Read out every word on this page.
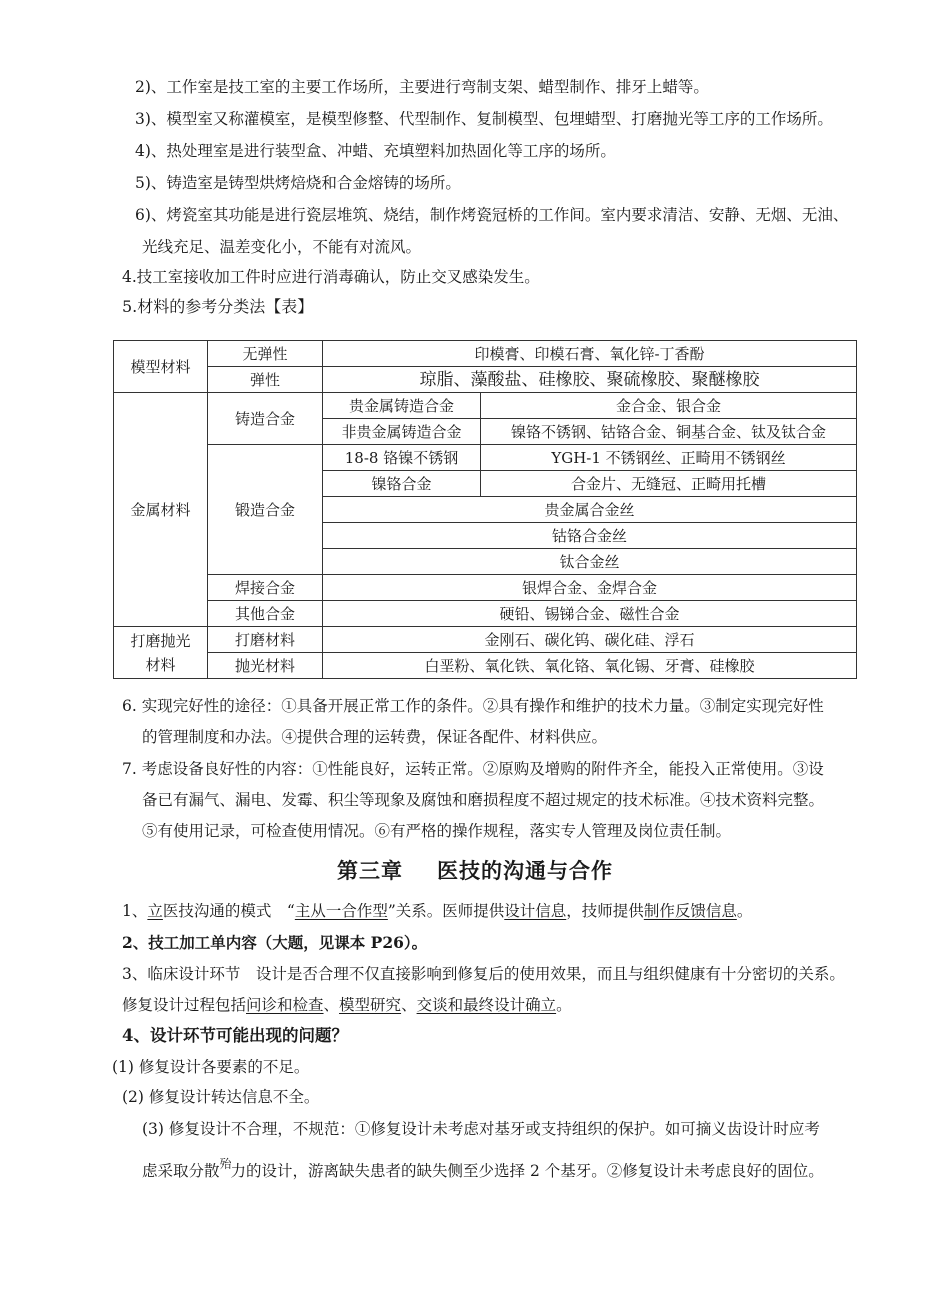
2)、工作室是技工室的主要工作场所，主要进行弯制支架、蜡型制作、排牙上蜡等。
3)、模型室又称灌模室，是模型修整、代型制作、复制模型、包埋蜡型、打磨抛光等工序的工作场所。
4)、热处理室是进行装型盒、冲蜡、充填塑料加热固化等工序的场所。
5)、铸造室是铸型烘烤焙烧和合金熔铸的场所。
6)、烤瓷室其功能是进行瓷层堆筑、烧结，制作烤瓷冠桥的工作间。室内要求清洁、安静、无烟、无油、
光线充足、温差变化小，不能有对流风。
4.技工室接收加工件时应进行消毒确认，防止交叉感染发生。
5.材料的参考分类法【表】
模型材料	无弹性	印模膏、印模石膏、氧化锌-丁香酚	
	弹性	琼脂、藻酸盐、硅橡胶、聚硫橡胶、聚醚橡胶	
金属材料	铸造合金	贵金属铸造合金	金合金、银合金
		非贵金属铸造合金	镍铬不锈钢、钴铬合金、铜基合金、钛及钛合金
	锻造合金	18-8 铬镍不锈钢	YGH-1 不锈钢丝、正畸用不锈钢丝
		镍铬合金	合金片、无缝冠、正畸用托槽
		贵金属合金丝	
		钴铬合金丝	
		钛合金丝	
	焊接合金	银焊合金、金焊合金	
	其他合金	硬铅、锡锑合金、磁性合金	
打磨抛光
材料	打磨材料	金刚石、碳化钨、碳化硅、浮石	
	抛光材料	白垩粉、氧化铁、氧化铬、氧化锡、牙膏、硅橡胶	
6. 实现完好性的途径：①具备开展正常工作的条件。②具有操作和维护的技术力量。③制定实现完好性
的管理制度和办法。④提供合理的运转费，保证各配件、材料供应。
7. 考虑设备良好性的内容：①性能良好，运转正常。②原购及增购的附件齐全，能投入正常使用。③设
备已有漏气、漏电、发霉、积尘等现象及腐蚀和磨损程度不超过规定的技术标准。④技术资料完整。
⑤有使用记录，可检查使用情况。⑥有严格的操作规程，落实专人管理及岗位责任制。
第三章 医技的沟通与合作
1、立医技沟通的模式　“主从一合作型”关系。医师提供设计信息，技师提供制作反馈信息。
2、技工加工单内容（大题，见课本 P26）。
3、临床设计环节　设计是否合理不仅直接影响到修复后的使用效果，而且与组织健康有十分密切的关系。
修复设计过程包括问诊和检查、模型研究、交谈和最终设计确立。
4、设计环节可能出现的问题？
(1) 修复设计各要素的不足。
(2) 修复设计转达信息不全。
(3) 修复设计不合理，不规范：①修复设计未考虑对基牙或支持组织的保护。如可摘义齿设计时应考
虑采取分散$^殆$力的设计，游离缺失患者的缺失侧至少选择 2 个基牙。②修复设计未考虑良好的固位。
